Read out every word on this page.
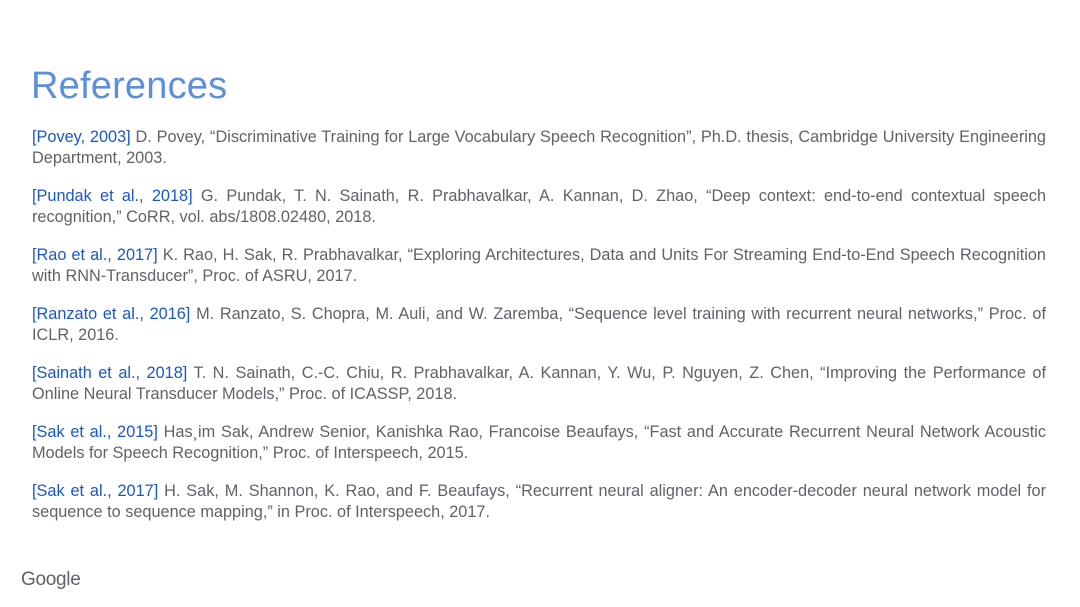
References
[Povey, 2003] D. Povey, “Discriminative Training for Large Vocabulary Speech Recognition”, Ph.D. thesis, Cambridge University Engineering Department, 2003.
[Pundak et al., 2018] G. Pundak, T. N. Sainath, R. Prabhavalkar, A. Kannan, D. Zhao, “Deep context: end-to-end contextual speech recognition,” CoRR, vol. abs/1808.02480, 2018.
[Rao et al., 2017] K. Rao, H. Sak, R. Prabhavalkar, “Exploring Architectures, Data and Units For Streaming End-to-End Speech Recognition with RNN-Transducer”, Proc. of ASRU, 2017.
[Ranzato et al., 2016] M. Ranzato, S. Chopra, M. Auli, and W. Zaremba, “Sequence level training with recurrent neural networks,” Proc. of ICLR, 2016.
[Sainath et al., 2018] T. N. Sainath, C.-C. Chiu, R. Prabhavalkar, A. Kannan, Y. Wu, P. Nguyen, Z. Chen, “Improving the Performance of Online Neural Transducer Models,” Proc. of ICASSP, 2018.
[Sak et al., 2015] Has¸im Sak, Andrew Senior, Kanishka Rao, Francoise Beaufays, “Fast and Accurate Recurrent Neural Network Acoustic Models for Speech Recognition,” Proc. of Interspeech, 2015.
[Sak et al., 2017] H. Sak, M. Shannon, K. Rao, and F. Beaufays, “Recurrent neural aligner: An encoder-decoder neural network model for sequence to sequence mapping,” in Proc. of Interspeech, 2017.
Google
